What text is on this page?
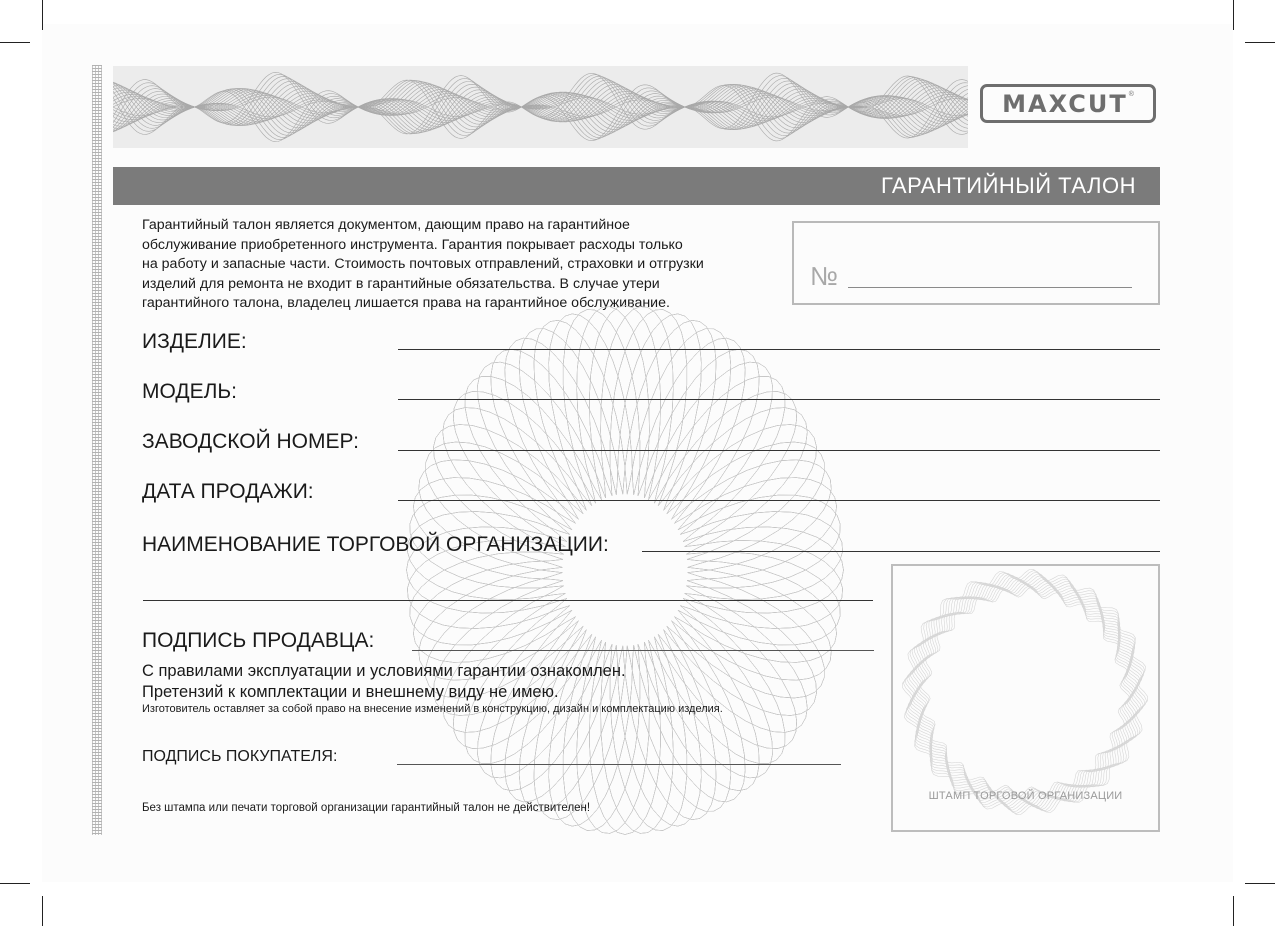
MAXCUT ®
ГАРАНТИЙНЫЙ ТАЛОН
Гарантийный талон является документом, дающим право на гарантийное
обслуживание приобретенного инструмента. Гарантия покрывает расходы только
на работу и запасные части. Стоимость почтовых отправлений, страховки и отгрузки
изделий для ремонта не входит в гарантийные обязательства. В случае утери
гарантийного талона, владелец лишается права на гарантийное обслуживание.
№
ИЗДЕЛИЕ:
МОДЕЛЬ:
ЗАВОДСКОЙ НОМЕР:
ДАТА ПРОДАЖИ:
НАИМЕНОВАНИЕ ТОРГОВОЙ ОРГАНИЗАЦИИ:
ПОДПИСЬ ПРОДАВЦА:
С правилами эксплуатации и условиями гарантии ознакомлен.
Претензий к комплектации и внешнему виду не имею.
Изготовитель оставляет за собой право на внесение изменений в конструкцию, дизайн и комплектацию изделия.
ПОДПИСЬ ПОКУПАТЕЛЯ:
Без штампа или печати торговой организации гарантийный талон не действителен!
ШТАМП ТОРГОВОЙ ОРГАНИЗАЦИИ
